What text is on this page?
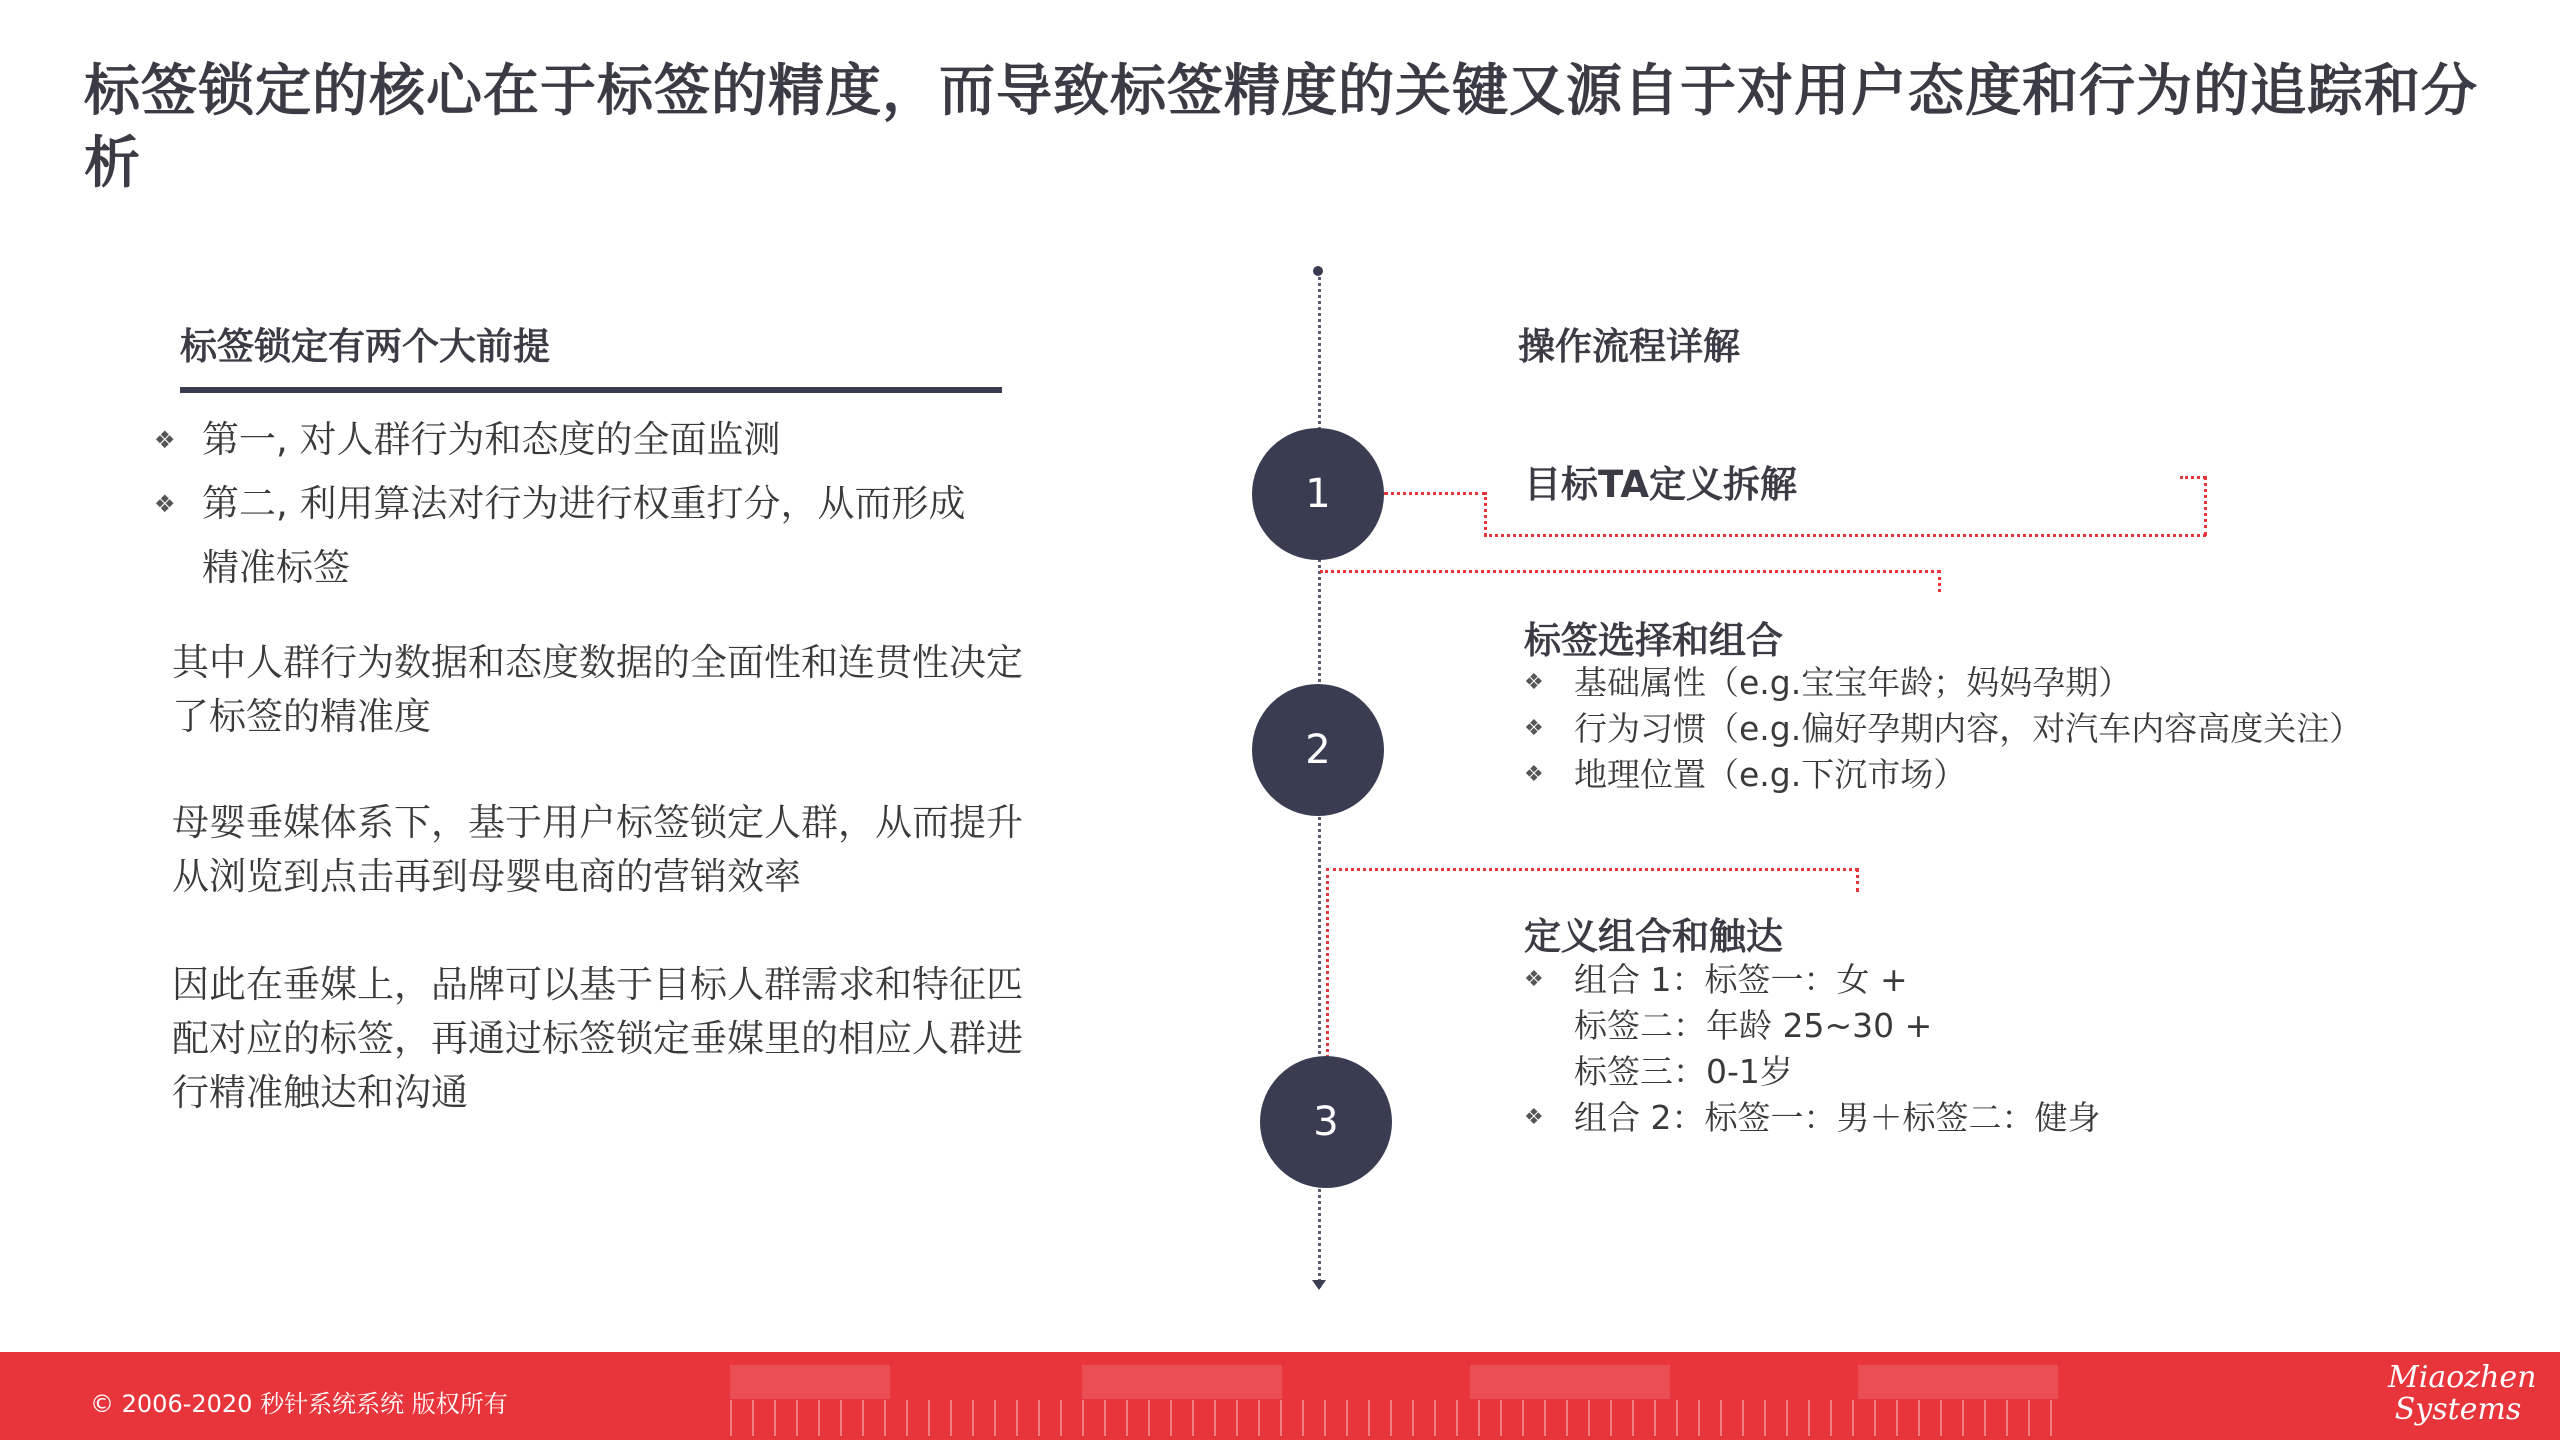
标签锁定的核心在于标签的精度，而导致标签精度的关键又源自于对用户态度和行为的追踪和分析
标签锁定有两个大前提
❖ 第一, 对人群行为和态度的全面监测
❖ 第二, 利用算法对行为进行权重打分，从而形成精准标签
其中人群行为数据和态度数据的全面性和连贯性决定了标签的精准度
母婴垂媒体系下，基于用户标签锁定人群，从而提升从浏览到点击再到母婴电商的营销效率
因此在垂媒上，品牌可以基于目标人群需求和特征匹配对应的标签，再通过标签锁定垂媒里的相应人群进行精准触达和沟通
操作流程详解
1	目标TA定义拆解
2
标签选择和组合
❖ 基础属性（e.g.宝宝年龄；妈妈孕期）
❖ 行为习惯（e.g.偏好孕期内容，对汽车内容高度关注）
❖ 地理位置（e.g.下沉市场）
3
定义组合和触达
❖ 组合 1：标签一：女 +
标签二：年龄 25~30 +
标签三：0-1岁
❖ 组合 2：标签一：男＋标签二：健身
© 2006-2020 秒针系统系统 版权所有
Miaozhen
Systems
